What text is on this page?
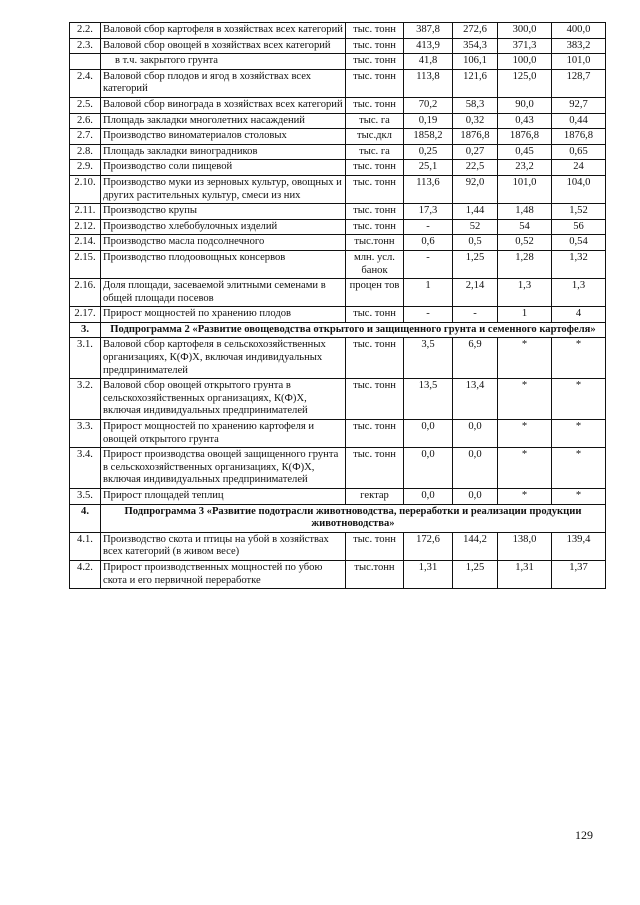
2.2.	Валовой сбор картофеля в хозяйствах всех категорий	тыс. тонн	387,8	272,6	300,0	400,0
2.3.	Валовой сбор овощей в хозяйствах всех категорий	тыс. тонн	413,9	354,3	371,3	383,2
	в т.ч. закрытого грунта	тыс. тонн	41,8	106,1	100,0	101,0
2.4.	Валовой сбор плодов и ягод в хозяйствах всех категорий	тыс. тонн	113,8	121,6	125,0	128,7
2.5.	Валовой сбор винограда в хозяйствах всех категорий	тыс. тонн	70,2	58,3	90,0	92,7
2.6.	Площадь закладки многолетних насаждений	тыс. га	0,19	0,32	0,43	0,44
2.7.	Производство виноматериалов столовых	тыс.дкл	1858,2	1876,8	1876,8	1876,8
2.8.	Площадь закладки виноградников	тыс. га	0,25	0,27	0,45	0,65
2.9.	Производство соли пищевой	тыс. тонн	25,1	22,5	23,2	24
2.10.	Производство муки из зерновых культур, овощных и других растительных культур, смеси из них	тыс. тонн	113,6	92,0	101,0	104,0
2.11.	Производство крупы	тыс. тонн	17,3	1,44	1,48	1,52
2.12.	Производство хлебобулочных изделий	тыс. тонн	-	52	54	56
2.14.	Производство масла подсолнечного	тыс.тонн	0,6	0,5	0,52	0,54
2.15.	Производство плодоовощных консервов	млн. усл. банок	-	1,25	1,28	1,32
2.16.	Доля площади, засеваемой элитными семенами в общей площади посевов	процен тов	1	2,14	1,3	1,3
2.17.	Прирост мощностей по хранению плодов	тыс. тонн	-	-	1	4
3.	Подпрограмма 2 «Развитие овощеводства открытого и защищенного грунта и семенного картофеля»					
3.1.	Валовой сбор картофеля в сельскохозяйственных организациях, К(Ф)Х, включая индивидуальных предпринимателей	тыс. тонн	3,5	6,9	*	*
3.2.	Валовой сбор овощей открытого грунта в сельскохозяйственных организациях, К(Ф)Х, включая индивидуальных предпринимателей	тыс. тонн	13,5	13,4	*	*
3.3.	Прирост мощностей по хранению картофеля и овощей открытого грунта	тыс. тонн	0,0	0,0	*	*
3.4.	Прирост производства овощей защищенного грунта в сельскохозяйственных организациях, К(Ф)Х, включая индивидуальных предпринимателей	тыс. тонн	0,0	0,0	*	*
3.5.	Прирост площадей теплиц	гектар	0,0	0,0	*	*
4.	Подпрограмма 3 «Развитие подотрасли животноводства, переработки и реализации продукции животноводства»					
4.1.	Производство скота и птицы на убой в хозяйствах всех категорий (в живом весе)	тыс. тонн	172,6	144,2	138,0	139,4
4.2.	Прирост производственных мощностей по убою скота и его первичной переработке	тыс.тонн	1,31	1,25	1,31	1,37
129
